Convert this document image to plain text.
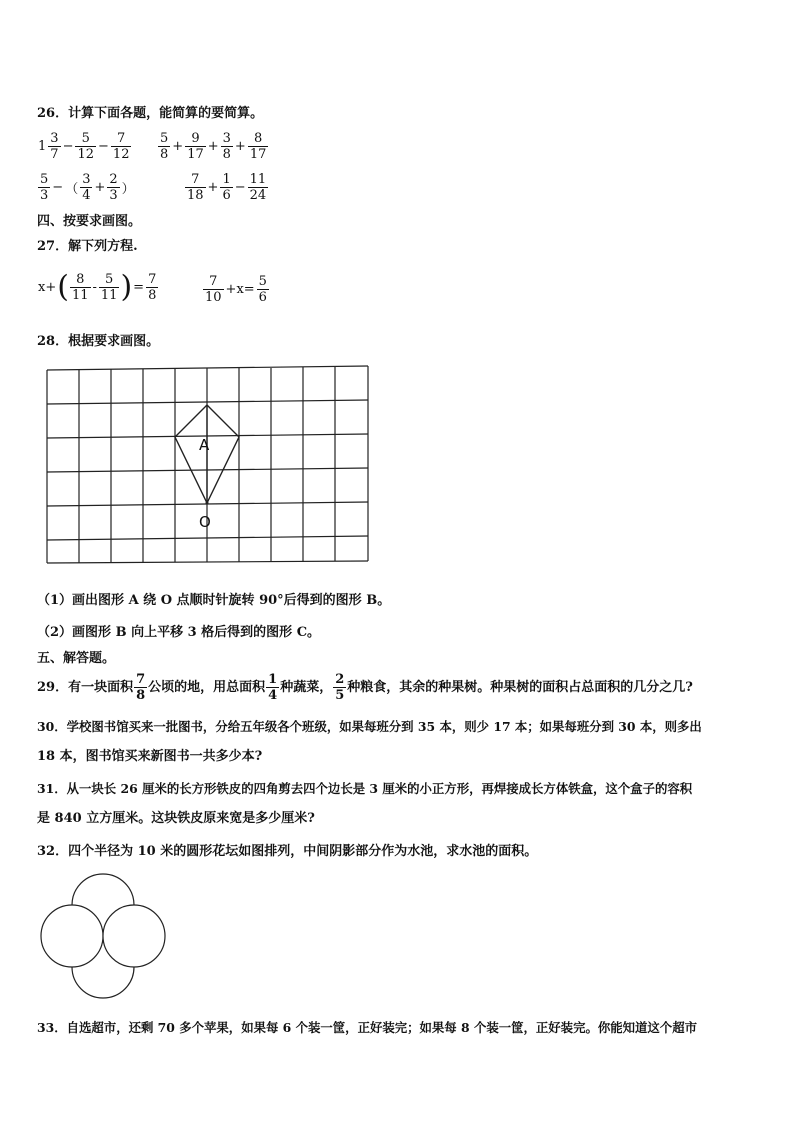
26．计算下面各题，能简算的要简算。
$1 \frac{3}{7} - \frac{5}{12} - \frac{7}{12} \frac{5}{8} + \frac{9}{17} + \frac{3}{8} + \frac{8}{17}$
$\frac{5}{3}$ − （ $\frac{3}{4} + \frac{2}{3}$ ）	$\frac{7}{18} + \frac{1}{6} - \frac{11}{24}$
四、按要求画图。
27．解下列方程.
$x+( \frac{8}{11} - \frac{5}{11}$ )= $\frac{7}{8}$	$\frac{7}{10} +x= \frac{5}{6}$
28．根据要求画图。
A
O
（1）画出图形 A 绕 O 点顺时针旋转 90°后得到的图形 B。
（2）画图形 B 向上平移 3 格后得到的图形 C。
五、解答题。
29．有一块面积 $\frac{7}{8}$ 公顷的地，用总面积 $\frac{1}{4}$ 种蔬菜， $\frac{2}{5}$ 种粮食，其余的种果树。种果树的面积占总面积的几分之几?
30．学校图书馆买来一批图书，分给五年级各个班级，如果每班分到 35 本，则少 17 本；如果每班分到 30 本，则多出
18 本，图书馆买来新图书一共多少本?
31．从一块长 26 厘米的长方形铁皮的四角剪去四个边长是 3 厘米的小正方形，再焊接成长方体铁盒，这个盒子的容积
是 840 立方厘米。这块铁皮原来宽是多少厘米?
32．四个半径为 10 米的圆形花坛如图排列，中间阴影部分作为水池，求水池的面积。
33．自选超市，还剩 70 多个苹果，如果每 6 个装一筐，正好装完；如果每 8 个装一筐，正好装完。你能知道这个超市
